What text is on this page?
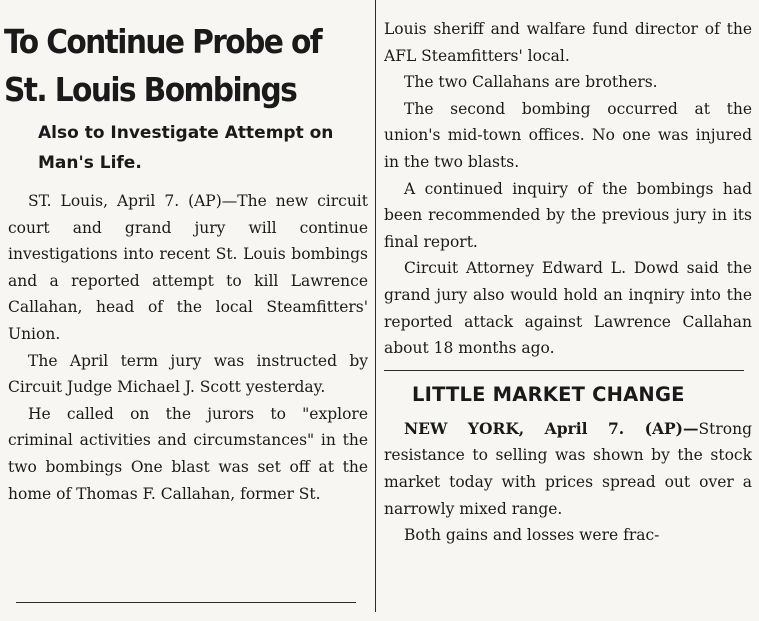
To Continue Probe of St. Louis Bombings
Also to Investigate Attempt on Man's Life.

ST. Louis, April 7. (AP)—The new circuit court and grand jury will continue investigations into recent St. Louis bombings and a reported attempt to kill Lawrence Callahan, head of the local Steamfitters' Union.

The April term jury was instructed by Circuit Judge Michael J. Scott yesterday.

He called on the jurors to "explore criminal activities and circumstances" in the two bombings One blast was set off at the home of Thomas F. Callahan, former St.

Louis sheriff and walfare fund director of the AFL Steamfitters' local.

The two Callahans are brothers.

The second bombing occurred at the union's mid-town offices. No one was injured in the two blasts.

A continued inquiry of the bombings had been recommended by the previous jury in its final report.

Circuit Attorney Edward L. Dowd said the grand jury also would hold an inqniry into the reported attack against Lawrence Callahan about 18 months ago.

LITTLE MARKET CHANGE

NEW YORK, April 7. (AP)—Strong resistance to selling was shown by the stock market today with prices spread out over a narrowly mixed range.

Both gains and losses were frac-
